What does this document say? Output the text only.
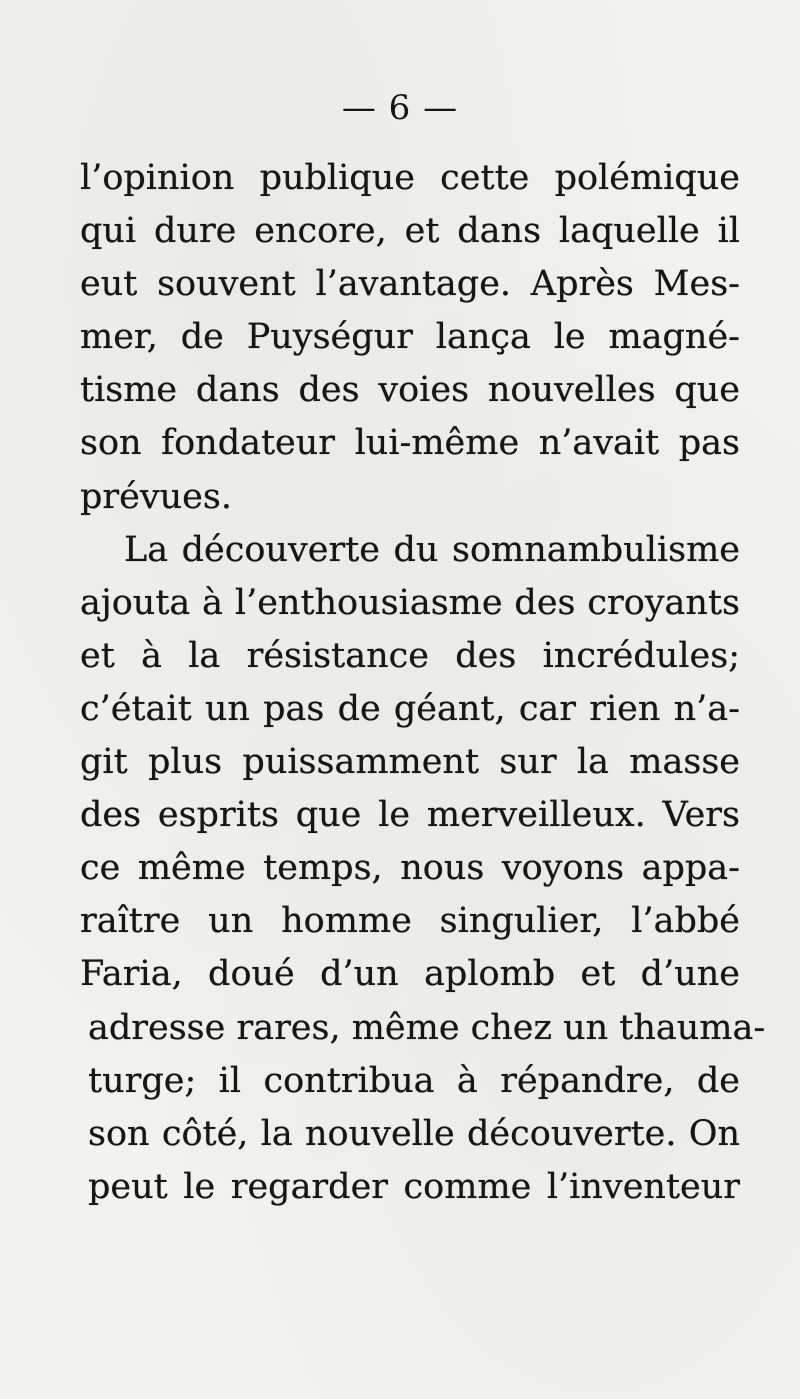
— 6 —
l’opinion publique cette polémique
qui dure encore, et dans laquelle il
eut souvent l’avantage. Après Mes-
mer, de Puységur lança le magné-
tisme dans des voies nouvelles que
son fondateur lui-même n’avait pas
prévues.
La découverte du somnambulisme
ajouta à l’enthousiasme des croyants
et à la résistance des incrédules;
c’était un pas de géant, car rien n’a-
git plus puissamment sur la masse
des esprits que le merveilleux. Vers
ce même temps, nous voyons appa-
raître un homme singulier, l’abbé
Faria, doué d’un aplomb et d’une
adresse rares, même chez un thauma-
turge; il contribua à répandre, de
son côté, la nouvelle découverte. On
peut le regarder comme l’inventeur
